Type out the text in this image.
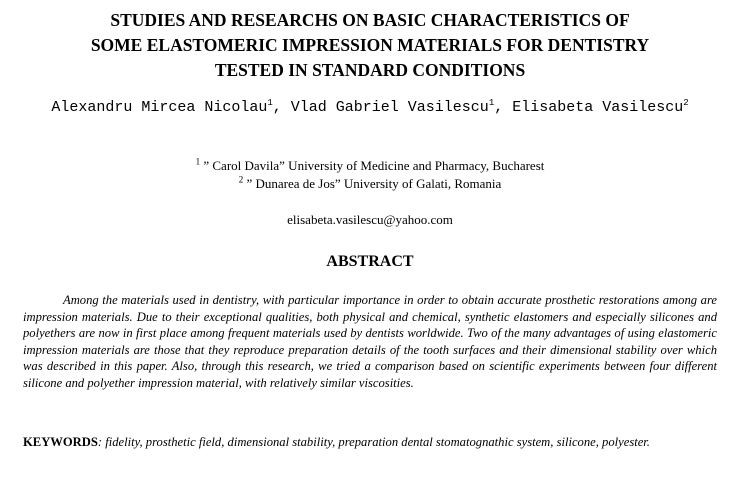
STUDIES AND RESEARCHS ON BASIC CHARACTERISTICS OF
SOME ELASTOMERIC IMPRESSION MATERIALS FOR DENTISTRY
TESTED IN STANDARD CONDITIONS
Alexandru Mircea Nicolau$^1$, Vlad Gabriel Vasilescu$^1$, Elisabeta Vasilescu$^2$
$^1$ ” Carol Davila” University of Medicine and Pharmacy, Bucharest
$^2$ ” Dunarea de Jos” University of Galati, Romania
elisabeta.vasilescu@yahoo.com
ABSTRACT

Among the materials used in dentistry, with particular importance in order to obtain accurate prosthetic restorations among are impression materials. Due to their exceptional qualities, both physical and chemical, synthetic elastomers and especially silicones and polyethers are now in first place among frequent materials used by dentists worldwide. Two of the many advantages of using elastomeric impression materials are those that they reproduce preparation details of the tooth surfaces and their dimensional stability over which was described in this paper. Also, through this research, we tried a comparison based on scientific experiments between four different silicone and polyether impression material, with relatively similar viscosities.

KEYWORDS: fidelity, prosthetic field, dimensional stability, preparation dental stomatognathic system, silicone, polyester.
